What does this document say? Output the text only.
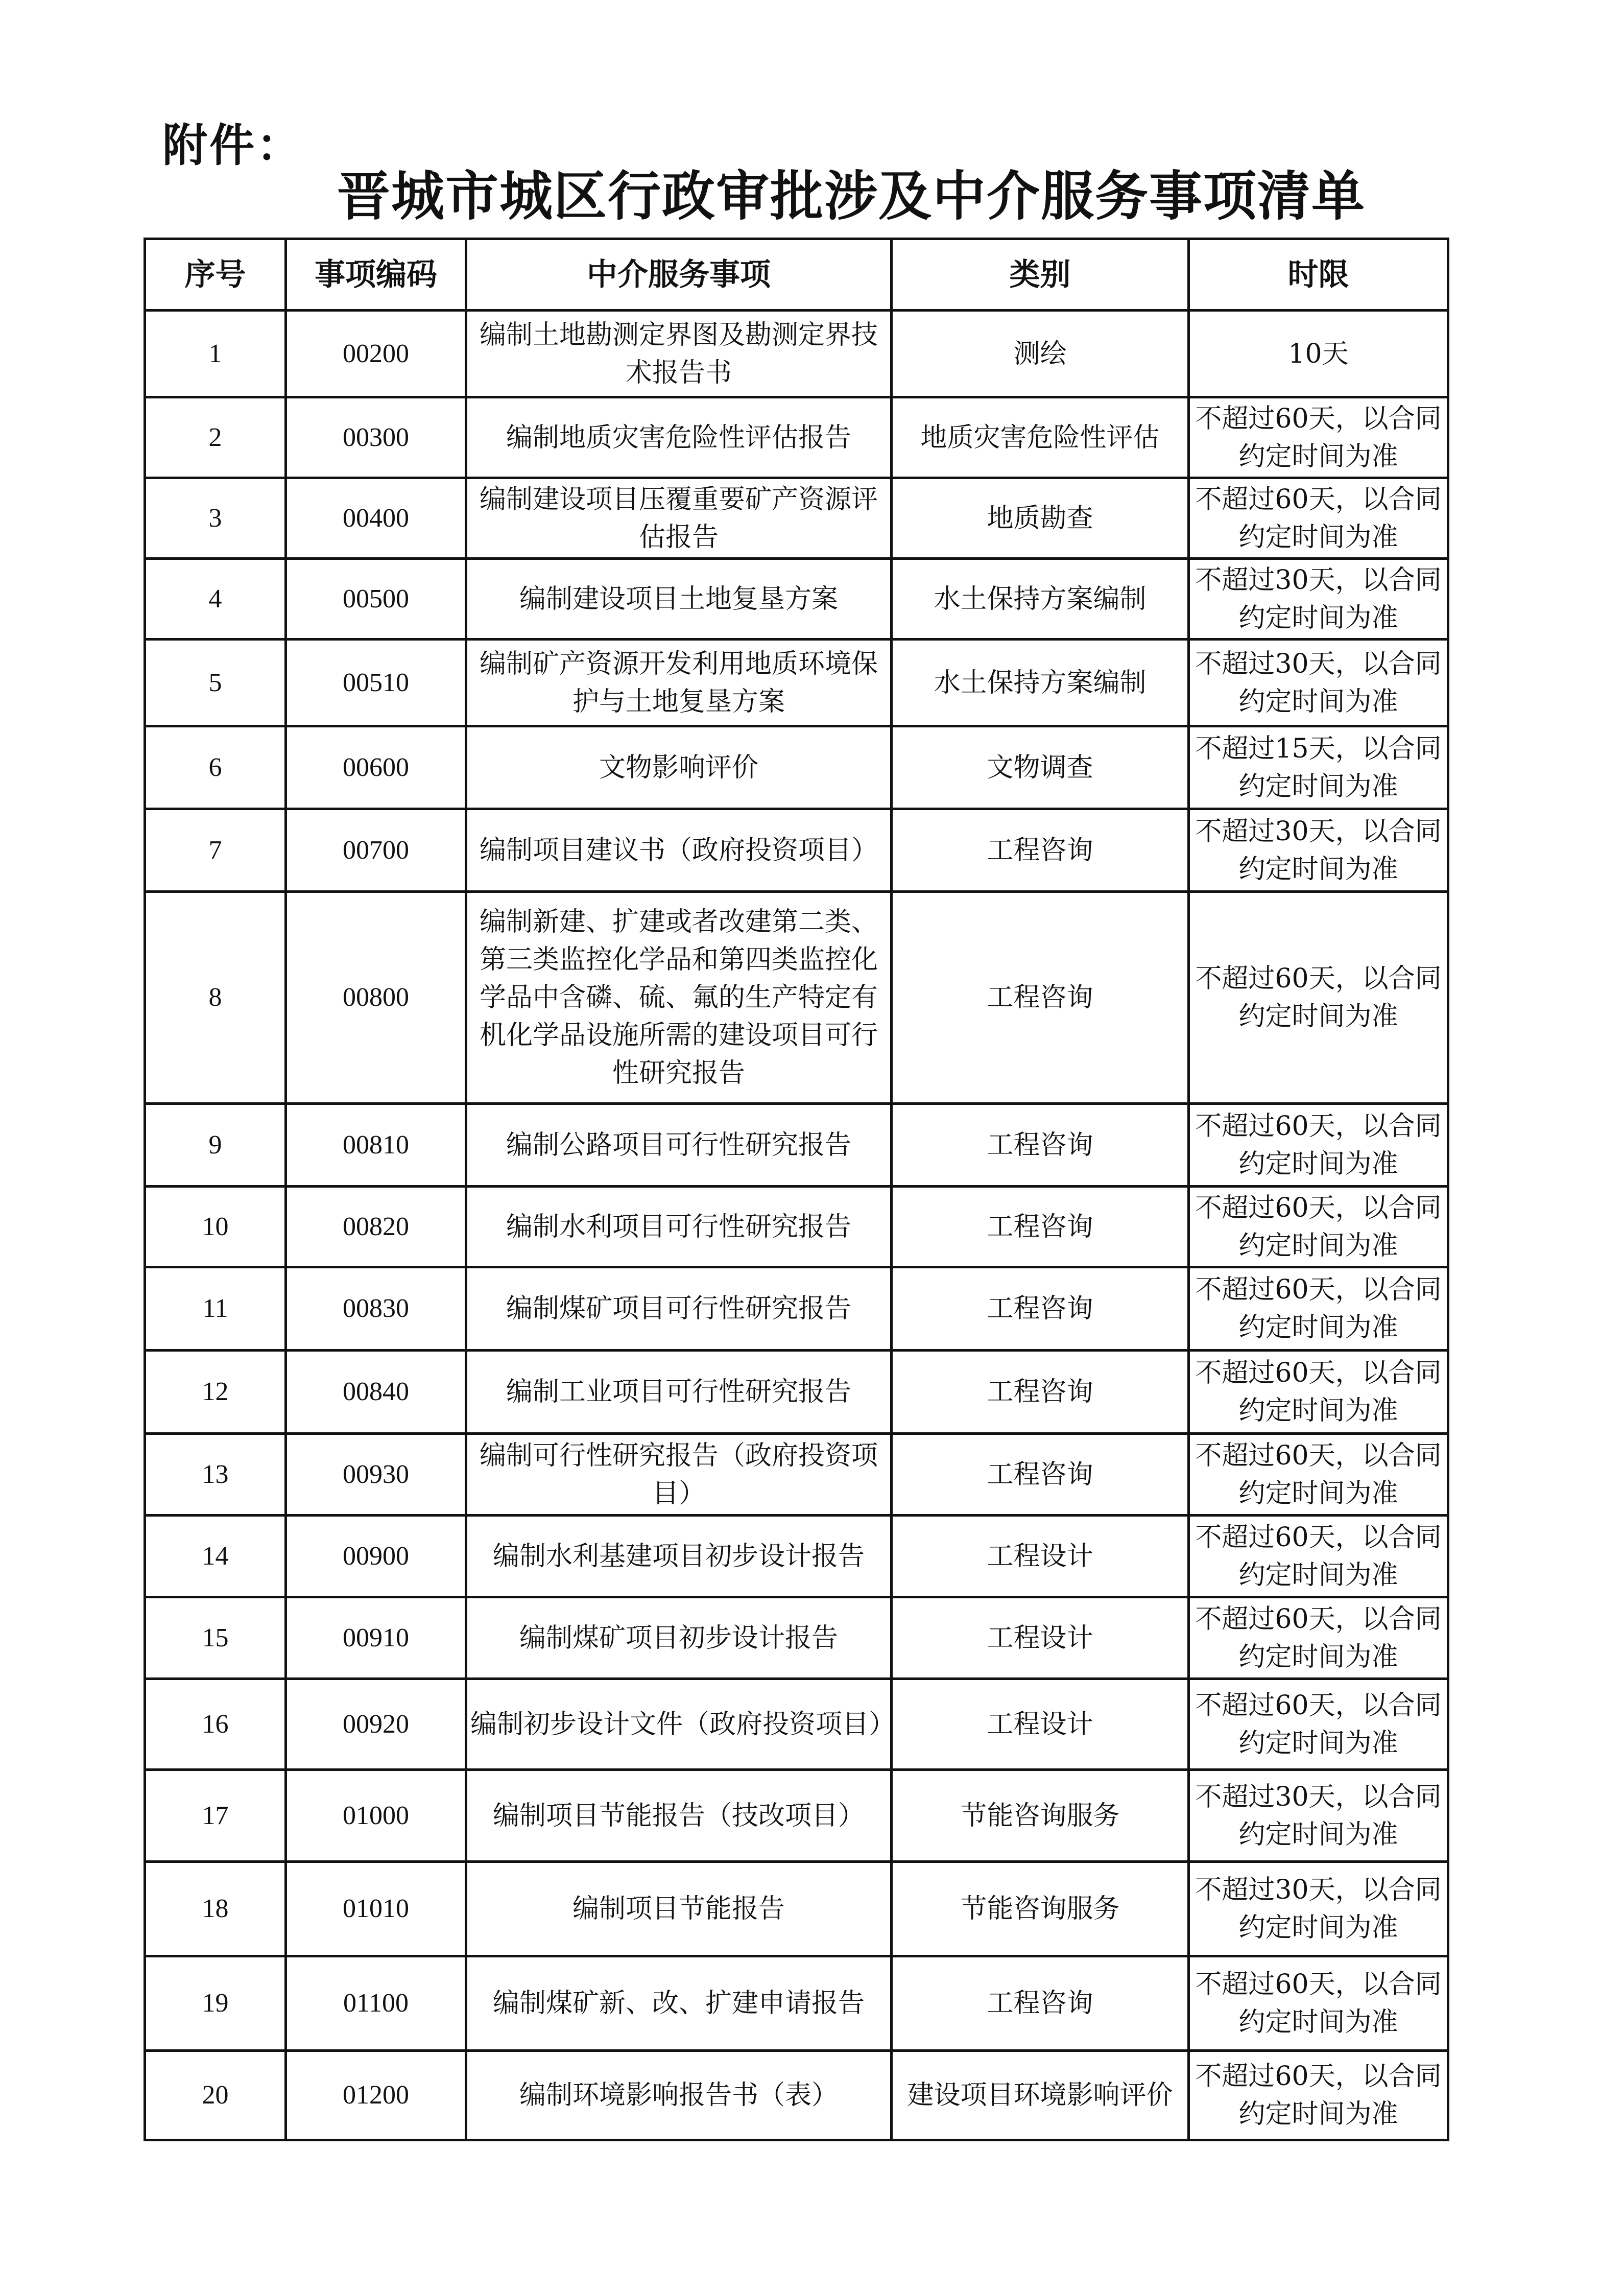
附件：
晋城市城区行政审批涉及中介服务事项清单
序号	事项编码	中介服务事项	类别	时限
1	00200	编制土地勘测定界图及勘测定界技术报告书	测绘	10天
2	00300	编制地质灾害危险性评估报告	地质灾害危险性评估	不超过60天，以合同约定时间为准
3	00400	编制建设项目压覆重要矿产资源评估报告	地质勘查	不超过60天，以合同约定时间为准
4	00500	编制建设项目土地复垦方案	水土保持方案编制	不超过30天，以合同约定时间为准
5	00510	编制矿产资源开发利用地质环境保护与土地复垦方案	水土保持方案编制	不超过30天，以合同约定时间为准
6	00600	文物影响评价	文物调查	不超过15天，以合同约定时间为准
7	00700	编制项目建议书（政府投资项目）	工程咨询	不超过30天，以合同约定时间为准
8	00800	编制新建、扩建或者改建第二类、第三类监控化学品和第四类监控化学品中含磷、硫、氟的生产特定有机化学品设施所需的建设项目可行性研究报告	工程咨询	不超过60天，以合同约定时间为准
9	00810	编制公路项目可行性研究报告	工程咨询	不超过60天，以合同约定时间为准
10	00820	编制水利项目可行性研究报告	工程咨询	不超过60天，以合同约定时间为准
11	00830	编制煤矿项目可行性研究报告	工程咨询	不超过60天，以合同约定时间为准
12	00840	编制工业项目可行性研究报告	工程咨询	不超过60天，以合同约定时间为准
13	00930	编制可行性研究报告（政府投资项目）	工程咨询	不超过60天，以合同约定时间为准
14	00900	编制水利基建项目初步设计报告	工程设计	不超过60天，以合同约定时间为准
15	00910	编制煤矿项目初步设计报告	工程设计	不超过60天，以合同约定时间为准
16	00920	编制初步设计文件（政府投资项目）	工程设计	不超过60天，以合同约定时间为准
17	01000	编制项目节能报告（技改项目）	节能咨询服务	不超过30天，以合同约定时间为准
18	01010	编制项目节能报告	节能咨询服务	不超过30天，以合同约定时间为准
19	01100	编制煤矿新、改、扩建申请报告	工程咨询	不超过60天，以合同约定时间为准
20	01200	编制环境影响报告书（表）	建设项目环境影响评价	不超过60天，以合同约定时间为准
